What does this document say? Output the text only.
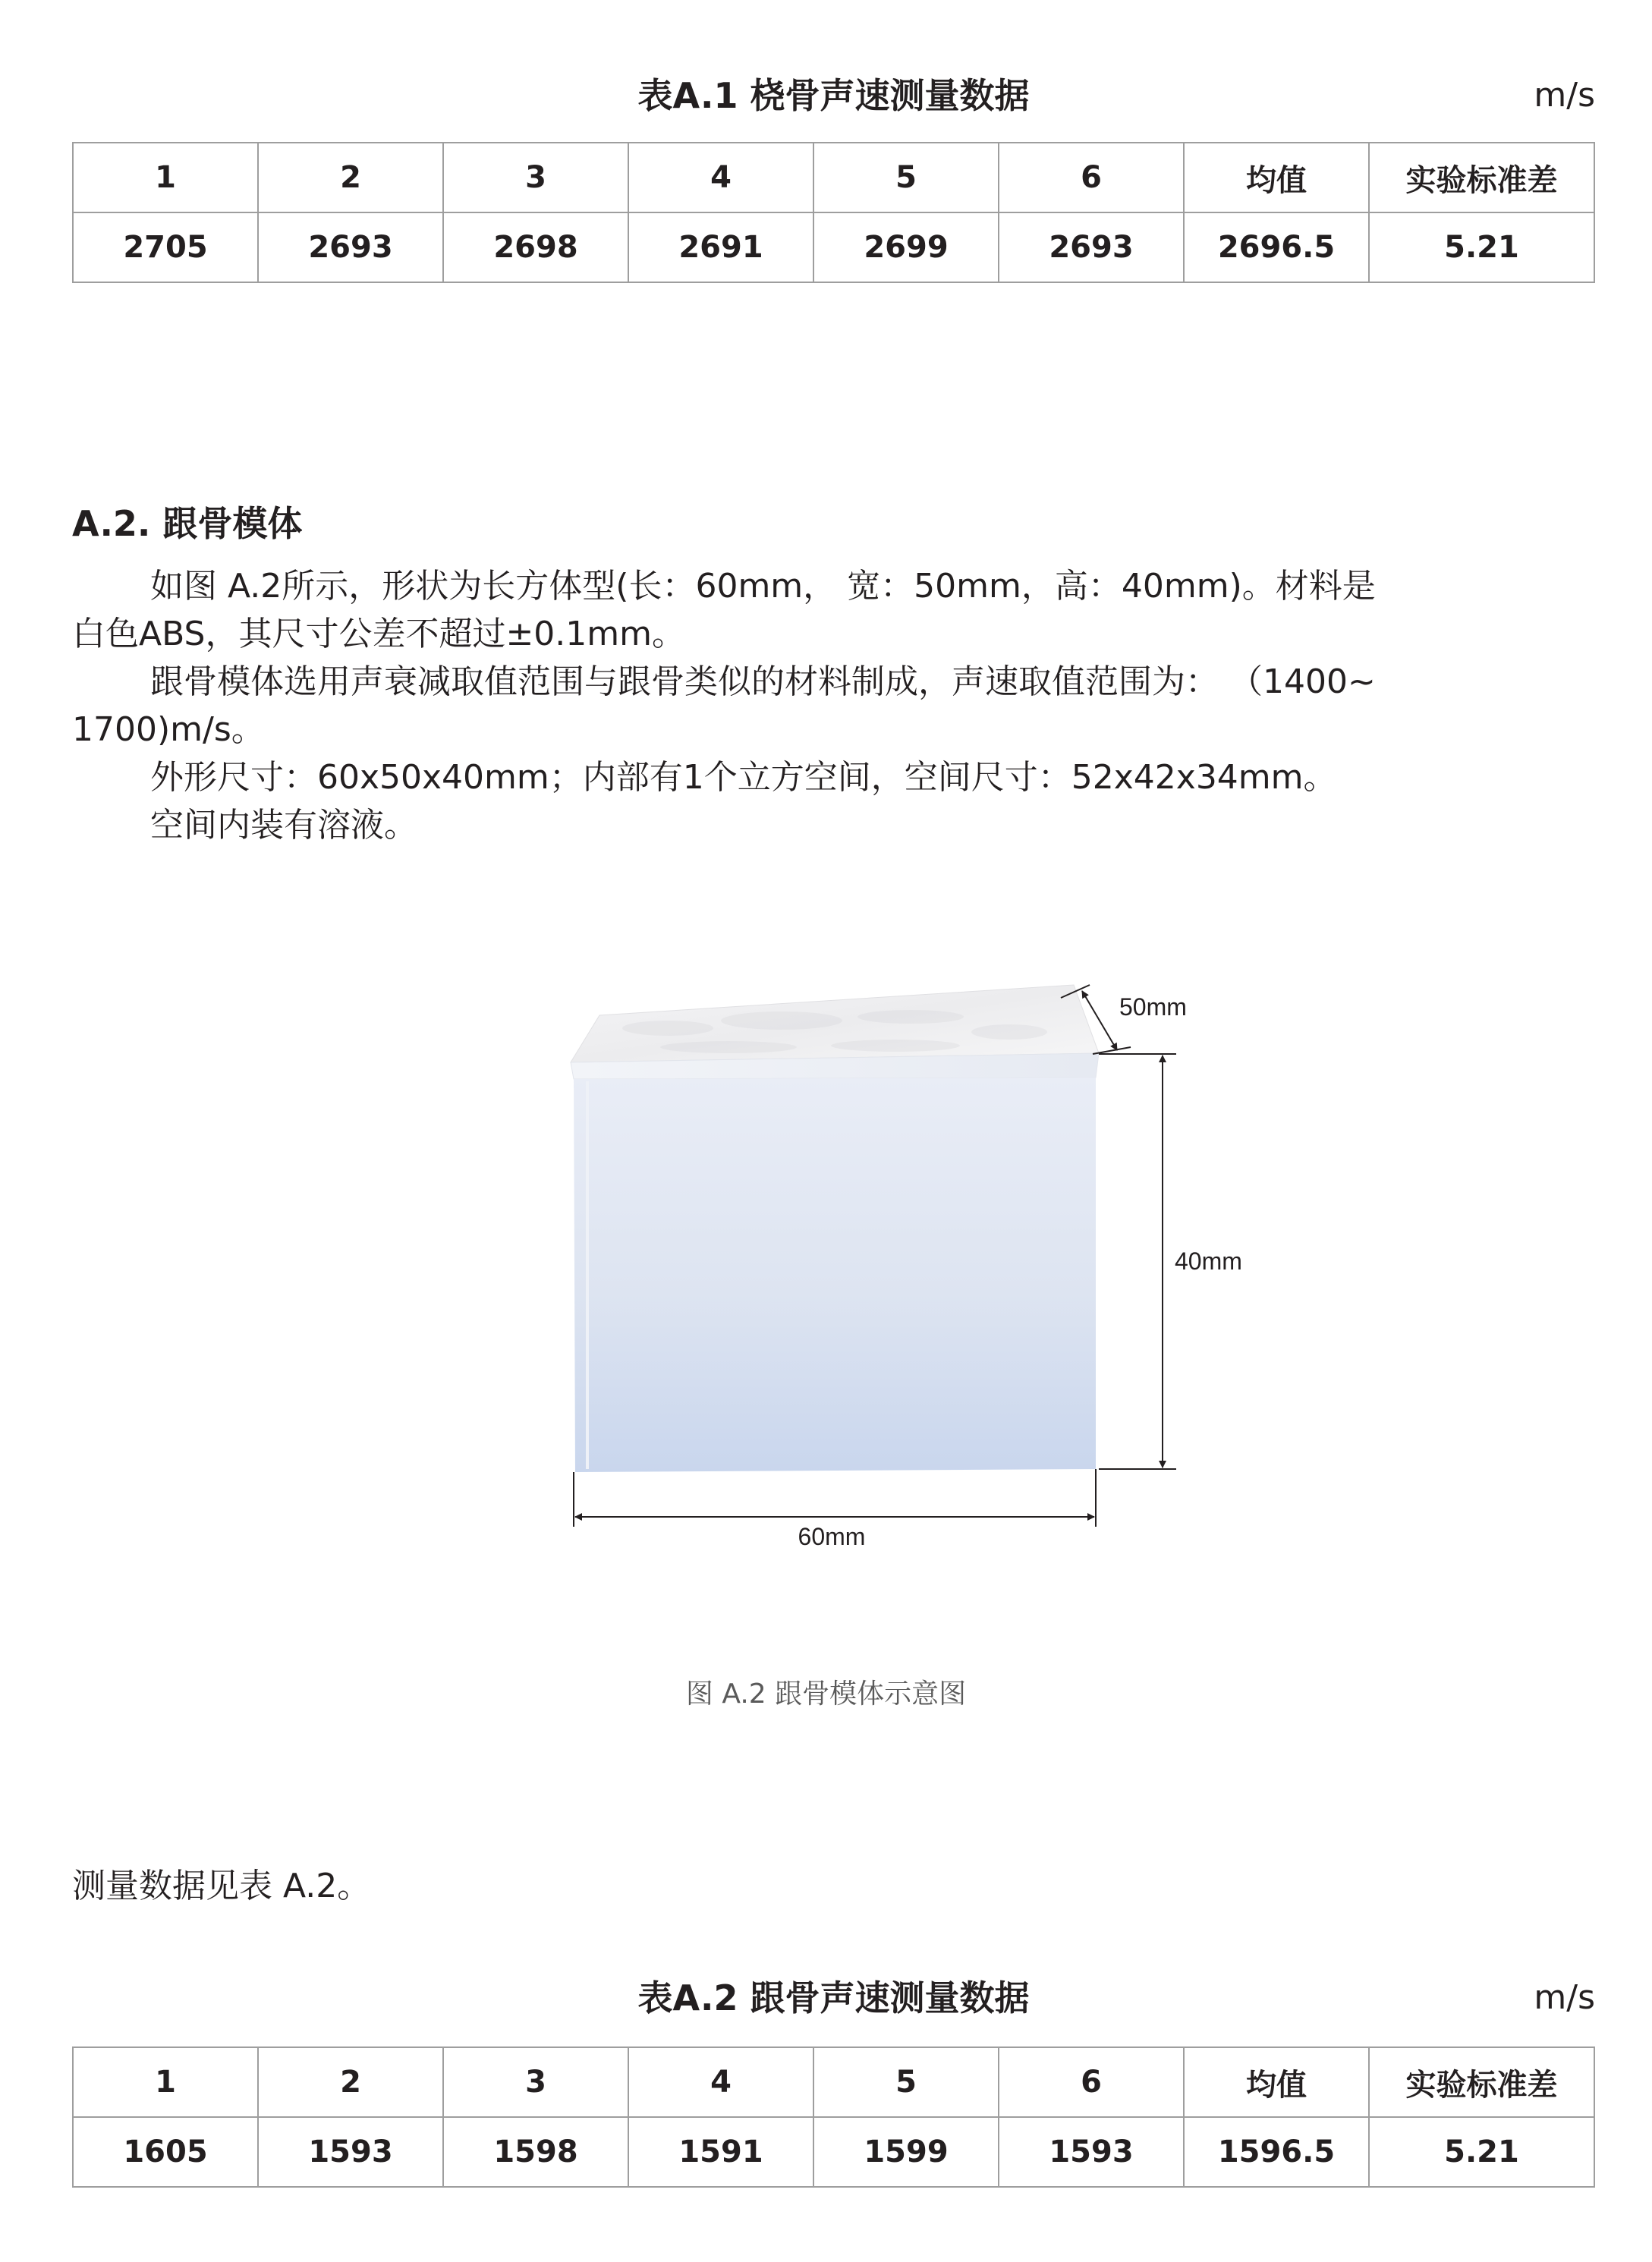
表A.1 桡骨声速测量数据	m/s
1	2	3	4	5	6	均值	实验标准差
2705	2693	2698	2691	2699	2693	2696.5	5.21
A.2. 跟骨模体

如图 A.2所示，形状为长方体型(长：60mm， 宽：50mm，高：40mm)。材料是

白色ABS，其尺寸公差不超过±0.1mm。

跟骨模体选用声衰减取值范围与跟骨类似的材料制成，声速取值范围为： （1400~

1700)m/s。

外形尺寸：60x50x40mm；内部有1个立方空间，空间尺寸：52x42x34mm。

空间内装有溶液。

50mm
40mm
60mm
图 A.2 跟骨模体示意图
测量数据见表 A.2。
表A.2 跟骨声速测量数据	m/s
1	2	3	4	5	6	均值	实验标准差
1605	1593	1598	1591	1599	1593	1596.5	5.21
